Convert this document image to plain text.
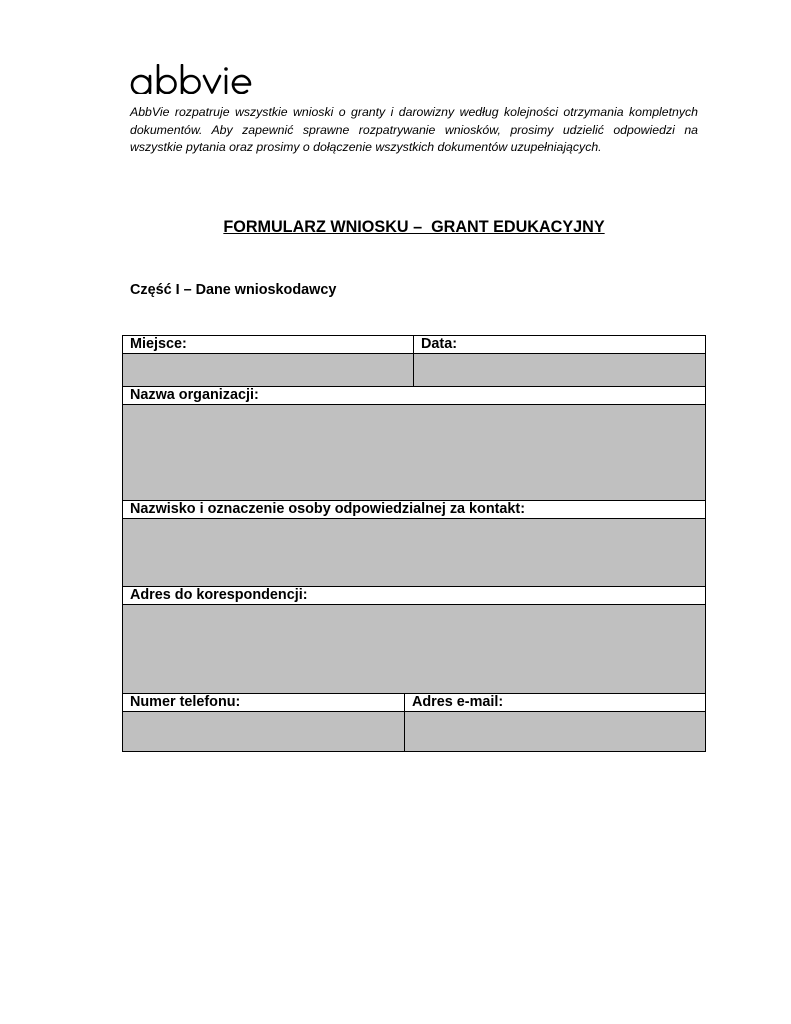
AbbVie rozpatruje wszystkie wnioski o granty i darowizny według kolejności otrzymania kompletnych dokumentów. Aby zapewnić sprawne rozpatrywanie wniosków, prosimy udzielić odpowiedzi na wszystkie pytania oraz prosimy o dołączenie wszystkich dokumentów uzupełniających.

FORMULARZ WNIOSKU –  GRANT EDUKACYJNY
Część I – Dane wnioskodawcy
Miejsce:		Data:

Nazwa organizacji:		

Nazwisko i oznaczenie osoby odpowiedzialnej za kontakt:		

Adres do korespondencji:		

Numer telefonu:	Adres e-mail:	
